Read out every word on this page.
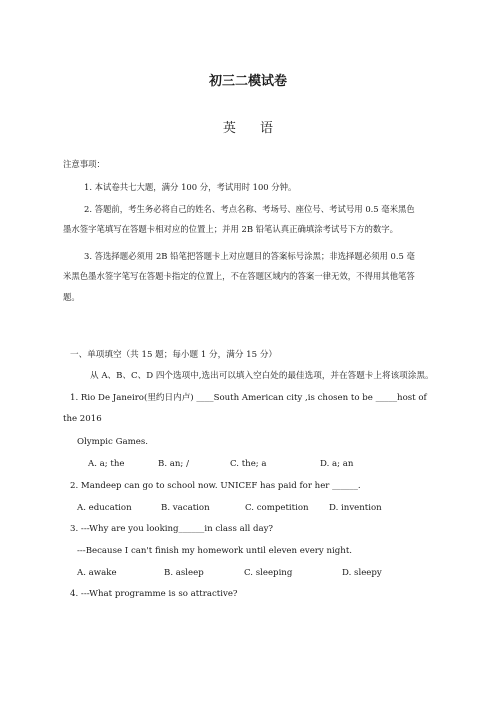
初三二模试卷
英 语
注意事项：
1. 本试卷共七大题，满分 100 分，考试用时 100 分钟。
2. 答题前，考生务必将自己的姓名、考点名称、考场号、座位号、考试号用 0.5 毫米黑色
墨水签字笔填写在答题卡相对应的位置上；并用 2B 铅笔认真正确填涂考试号下方的数字。
3. 答选择题必须用 2B 铅笔把答题卡上对应题目的答案标号涂黑；非选择题必须用 0.5 毫
米黑色墨水签字笔写在答题卡指定的位置上，不在答题区域内的答案一律无效，不得用其他笔答
题。
一、单项填空（共 15 题；每小题 1 分，满分 15 分）
从 A、B、C、D 四个选项中,选出可以填入空白处的最佳选项，并在答题卡上将该项涂黑。
1. Rio De Janeiro(里约日内卢) ____South American city ,is chosen to be _____host of
the 2016
Olympic Games.
A. a; the	B. an; /	C. the; a	D. a; an
2. Mandeep can go to school now. UNICEF has paid for her ______.
A. education	B. vacation	C. competition D. invention
3. ---Why are you looking______in class all day?
---Because I can't finish my homework until eleven every night.
A. awake	B. asleep	C. sleeping	D. sleepy
4. ---What programme is so attractive?
